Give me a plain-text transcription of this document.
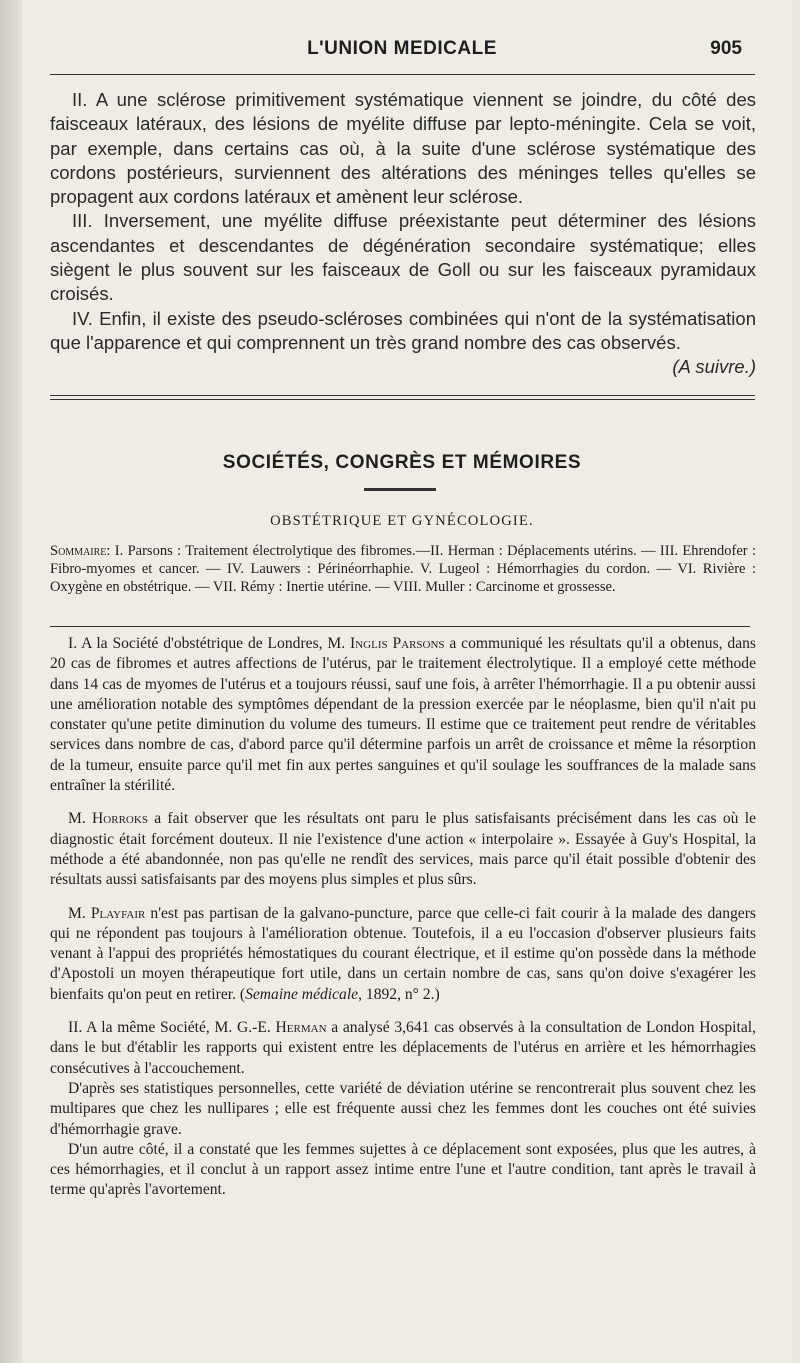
L'UNION MEDICALE	905

II. A une sclérose primitivement systématique viennent se joindre, du côté des faisceaux latéraux, des lésions de myélite diffuse par lepto-méningite. Cela se voit, par exemple, dans certains cas où, à la suite d'une sclérose systématique des cordons postérieurs, surviennent des altérations des méninges telles qu'elles se propagent aux cordons latéraux et amènent leur sclérose.

III. Inversement, une myélite diffuse préexistante peut déterminer des lésions ascendantes et descendantes de dégénération secondaire systématique; elles siègent le plus souvent sur les faisceaux de Goll ou sur les faisceaux pyramidaux croisés.

IV. Enfin, il existe des pseudo-scléroses combinées qui n'ont de la systématisation que l'apparence et qui comprennent un très grand nombre des cas observés.
(A suivre.)

SOCIÉTÉS, CONGRÈS ET MÉMOIRES
OBSTÉTRIQUE ET GYNÉCOLOGIE.
Sommaire: I. Parsons : Traitement électrolytique des fibromes.—II. Herman : Déplacements utérins. — III. Ehrendofer : Fibro-myomes et cancer. — IV. Lauwers : Périnéorrhaphie. V. Lugeol : Hémorrhagies du cordon. — VI. Rivière : Oxygène en obstétrique. — VII. Rémy : Inertie utérine. — VIII. Muller : Carcinome et grossesse.

I. A la Société d'obstétrique de Londres, M. Inglis Parsons a communiqué les résultats qu'il a obtenus, dans 20 cas de fibromes et autres affections de l'utérus, par le traitement électrolytique. Il a employé cette méthode dans 14 cas de myomes de l'utérus et a toujours réussi, sauf une fois, à arrêter l'hémorrhagie. Il a pu obtenir aussi une amélioration notable des symptômes dépendant de la pression exercée par le néoplasme, bien qu'il n'ait pu constater qu'une petite diminution du volume des tumeurs. Il estime que ce traitement peut rendre de véritables services dans nombre de cas, d'abord parce qu'il détermine parfois un arrêt de croissance et même la résorption de la tumeur, ensuite parce qu'il met fin aux pertes sanguines et qu'il soulage les souffrances de la malade sans entraîner la stérilité.

M. Horroks a fait observer que les résultats ont paru le plus satisfaisants précisément dans les cas où le diagnostic était forcément douteux. Il nie l'existence d'une action « interpolaire ». Essayée à Guy's Hospital, la méthode a été abandonnée, non pas qu'elle ne rendît des services, mais parce qu'il était possible d'obtenir des résultats aussi satisfaisants par des moyens plus simples et plus sûrs.

M. Playfair n'est pas partisan de la galvano-puncture, parce que celle-ci fait courir à la malade des dangers qui ne répondent pas toujours à l'amélioration obtenue. Toutefois, il a eu l'occasion d'observer plusieurs faits venant à l'appui des propriétés hémostatiques du courant électrique, et il estime qu'on possède dans la méthode d'Apostoli un moyen thérapeutique fort utile, dans un certain nombre de cas, sans qu'on doive s'exagérer les bienfaits qu'on peut en retirer. (Semaine médicale, 1892, n° 2.)

II. A la même Société, M. G.-E. Herman a analysé 3,641 cas observés à la consultation de London Hospital, dans le but d'établir les rapports qui existent entre les déplacements de l'utérus en arrière et les hémorrhagies consécutives à l'accouchement.

D'après ses statistiques personnelles, cette variété de déviation utérine se rencontrerait plus souvent chez les multipares que chez les nullipares ; elle est fréquente aussi chez les femmes dont les couches ont été suivies d'hémorrhagie grave.

D'un autre côté, il a constaté que les femmes sujettes à ce déplacement sont exposées, plus que les autres, à ces hémorrhagies, et il conclut à un rapport assez intime entre l'une et l'autre condition, tant après le travail à terme qu'après l'avortement.
